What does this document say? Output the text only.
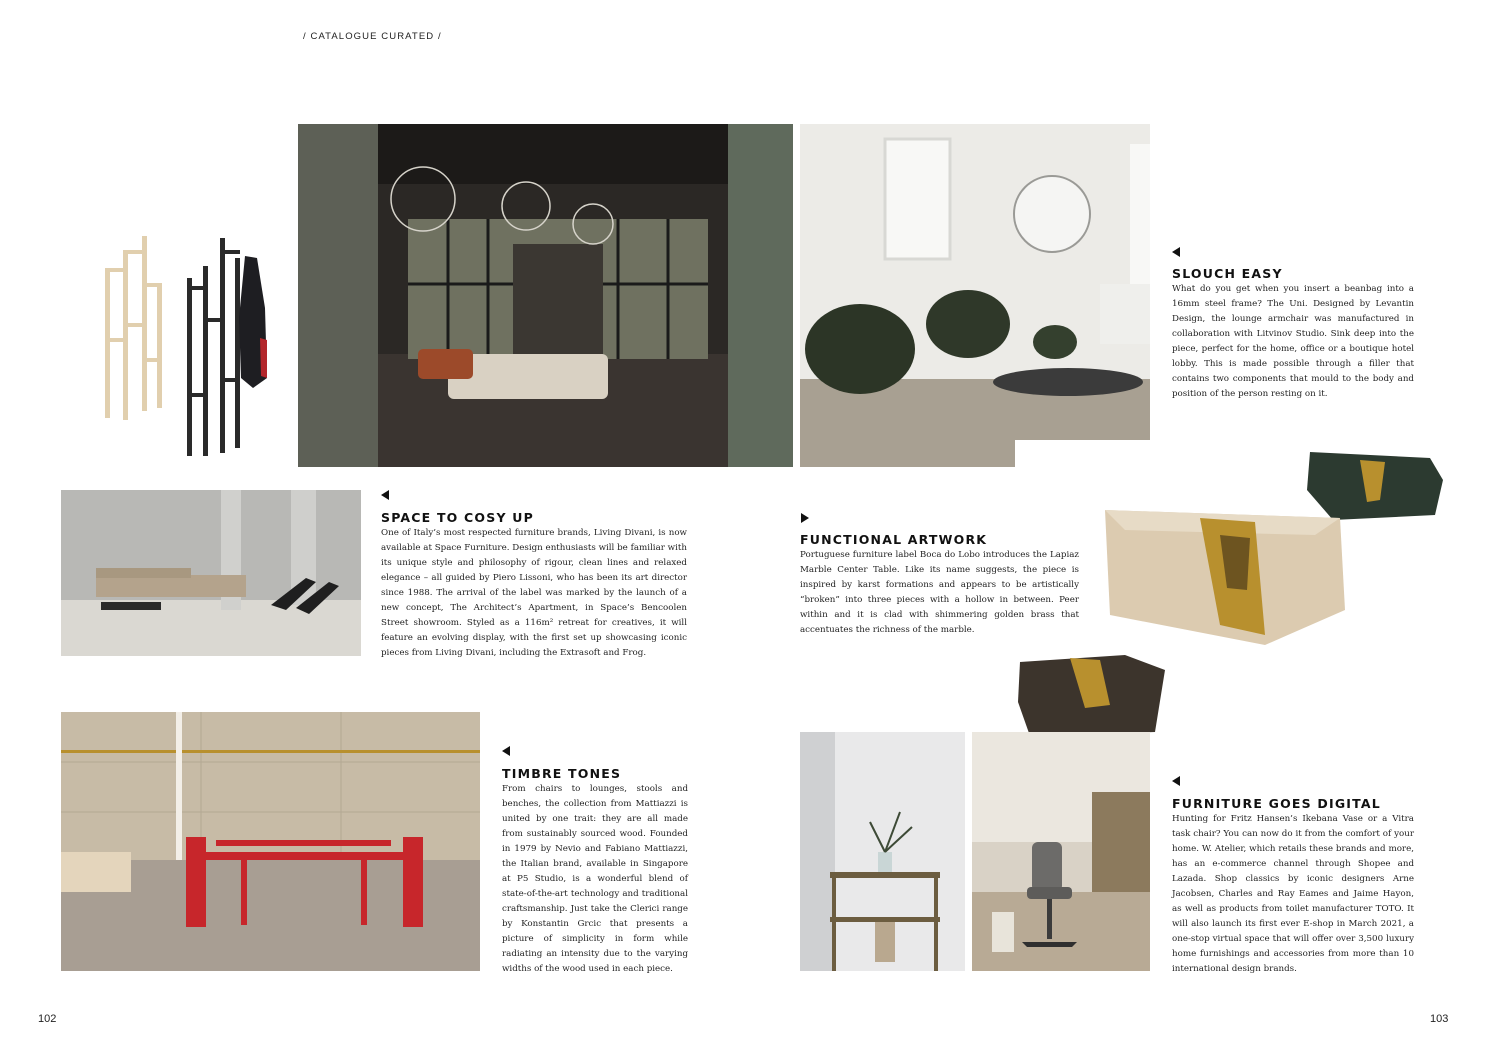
/ CATALOGUE CURATED /
102	103
SLOUCH EASY
What do you get when you insert a beanbag into a 16mm steel frame? The Uni. Designed by Levantin Design, the lounge armchair was manufactured in collaboration with Litvinov Studio. Sink deep into the piece, perfect for the home, office or a boutique hotel lobby. This is made possible through a filler that contains two components that mould to the body and position of the person resting on it.
SPACE TO COSY UP
One of Italy’s most respected furniture brands, Living Divani, is now available at Space Furniture. Design enthusiasts will be familiar with its unique style and philosophy of rigour, clean lines and relaxed elegance – all guided by Piero Lissoni, who has been its art director since 1988. The arrival of the label was marked by the launch of a new concept, The Architect’s Apartment, in Space’s Bencoolen Street showroom. Styled as a 116m² retreat for creatives, it will feature an evolving display, with the first set up showcasing iconic pieces from Living Divani, including the Extrasoft and Frog.
FUNCTIONAL ARTWORK
Portuguese furniture label Boca do Lobo introduces the Lapiaz Marble Center Table. Like its name suggests, the piece is inspired by karst formations and appears to be artistically “broken” into three pieces with a hollow in between. Peer within and it is clad with shimmering golden brass that accentuates the richness of the marble.
TIMBRE TONES
From chairs to lounges, stools and benches, the collection from Mattiazzi is united by one trait: they are all made from sustainably sourced wood. Founded in 1979 by Nevio and Fabiano Mattiazzi, the Italian brand, available in Singapore at P5 Studio, is a wonderful blend of state-of-the-art technology and traditional craftsmanship. Just take the Clerici range by Konstantin Grcic that presents a picture of simplicity in form while radiating an intensity due to the varying widths of the wood used in each piece.
FURNITURE GOES DIGITAL
Hunting for Fritz Hansen’s Ikebana Vase or a Vitra task chair? You can now do it from the comfort of your home. W. Atelier, which retails these brands and more, has an e-commerce channel through Shopee and Lazada. Shop classics by iconic designers Arne Jacobsen, Charles and Ray Eames and Jaime Hayon, as well as products from toilet manufacturer TOTO. It will also launch its first ever E-shop in March 2021, a one-stop virtual space that will offer over 3,500 luxury home furnishings and accessories from more than 10 international design brands.
